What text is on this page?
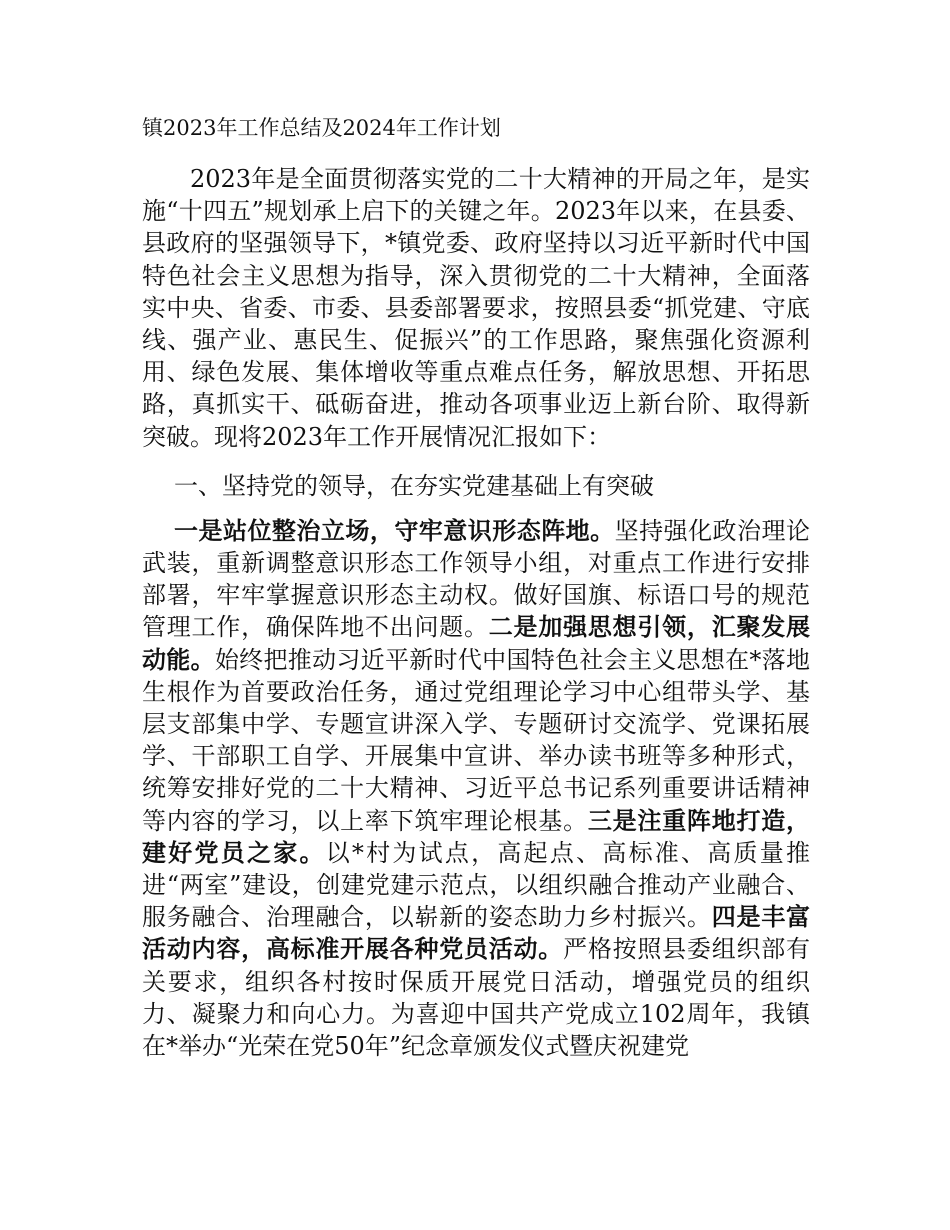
镇2023年工作总结及2024年工作计划

2023年是全面贯彻落实党的二十大精神的开局之年，是实施“十四五”规划承上启下的关键之年。2023年以来，在县委、县政府的坚强领导下，*镇党委、政府坚持以习近平新时代中国特色社会主义思想为指导，深入贯彻党的二十大精神，全面落实中央、省委、市委、县委部署要求，按照县委“抓党建、守底线、强产业、惠民生、促振兴”的工作思路，聚焦强化资源利用、绿色发展、集体增收等重点难点任务，解放思想、开拓思路，真抓实干、砥砺奋进，推动各项事业迈上新台阶、取得新突破。现将2023年工作开展情况汇报如下：

一、坚持党的领导，在夯实党建基础上有突破

一是站位整治立场，守牢意识形态阵地。坚持强化政治理论武装，重新调整意识形态工作领导小组，对重点工作进行安排部署，牢牢掌握意识形态主动权。做好国旗、标语口号的规范管理工作，确保阵地不出问题。二是加强思想引领，汇聚发展动能。始终把推动习近平新时代中国特色社会主义思想在*落地生根作为首要政治任务，通过党组理论学习中心组带头学、基层支部集中学、专题宣讲深入学、专题研讨交流学、党课拓展学、干部职工自学、开展集中宣讲、举办读书班等多种形式，统筹安排好党的二十大精神、习近平总书记系列重要讲话精神等内容的学习，以上率下筑牢理论根基。三是注重阵地打造，建好党员之家。以*村为试点，高起点、高标准、高质量推进“两室”建设，创建党建示范点，以组织融合推动产业融合、服务融合、治理融合，以崭新的姿态助力乡村振兴。四是丰富活动内容，高标准开展各种党员活动。严格按照县委组织部有关要求，组织各村按时保质开展党日活动，增强党员的组织力、凝聚力和向心力。为喜迎中国共产党成立102周年，我镇在*举办“光荣在党50年”纪念章颁发仪式暨庆祝建党
